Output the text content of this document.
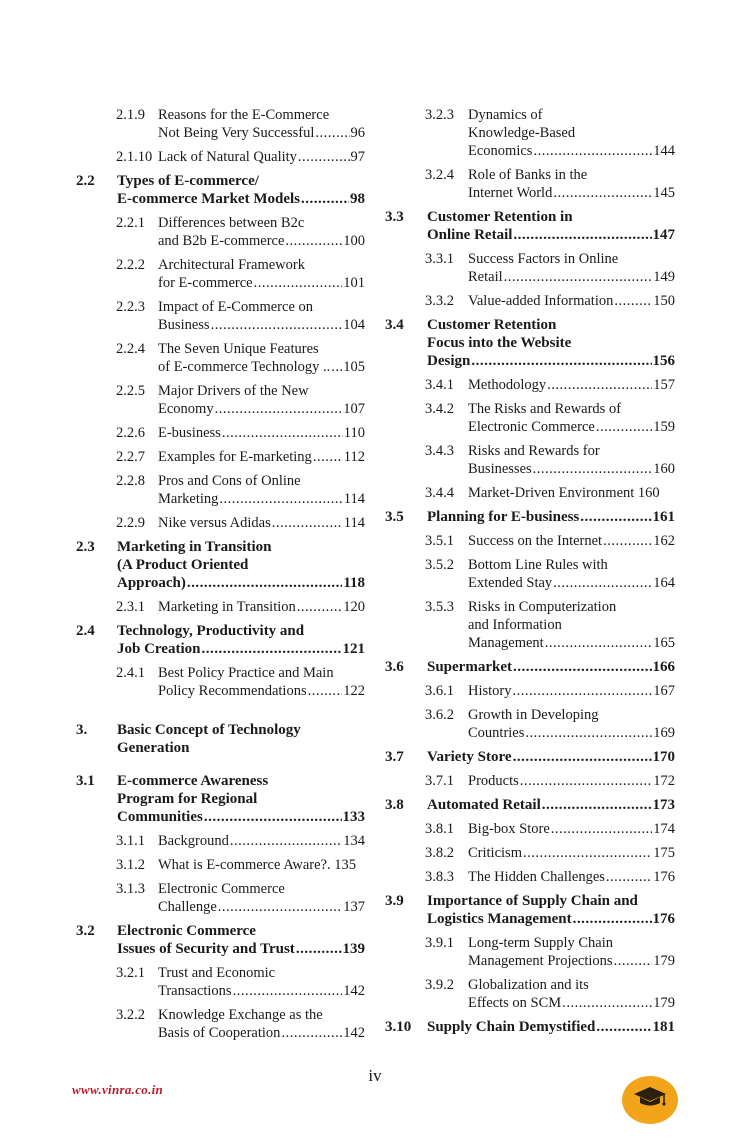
2.1.9 Reasons for the E-Commerce
Not Being Very Successful ..... 96
2.1.10 Lack of Natural Quality .....	97
2.2 Types of E-commerce/
E-commerce Market Models .....	98
2.2.1 Differences between B2c
and B2b E-commerce .....	100
2.2.2 Architectural Framework
for E-commerce .....	101
2.2.3 Impact of E-Commerce on
Business .....	104
2.2.4 The Seven Unique Features
of E-commerce Technology .. ..... 105
2.2.5 Major Drivers of the New
Economy .....	107
2.2.6 E-business .....	110
2.2.7 Examples for E-marketing ..... 112
2.2.8 Pros and Cons of Online
Marketing .....	114
2.2.9 Nike versus Adidas .....	114
2.3 Marketing in Transition
(A Product Oriented
Approach) .....	118
2.3.1 Marketing in Transition .....	120
2.4 Technology, Productivity and
Job Creation .....	121
2.4.1 Best Policy Practice and Main
Policy Recommendations .....	122
3. Basic Concept of Technology
Generation
3.1 E-commerce Awareness
Program for Regional
Communities .....	133
3.1.1 Background .....	134
3.1.2 What is E-commerce Aware?. 135
3.1.3 Electronic Commerce
Challenge .....	137
3.2 Electronic Commerce
Issues of Security and Trust .....	139
3.2.1 Trust and Economic
Transactions .....	142
3.2.2 Knowledge Exchange as the
Basis of Cooperation .....	142
3.2.3 Dynamics of
Knowledge-Based
Economics .....	144
3.2.4 Role of Banks in the
Internet World .....	145
3.3 Customer Retention in
Online Retail .....	147
3.3.1 Success Factors in Online
Retail .....	149
3.3.2 Value-added Information .....	150
3.4 Customer Retention
Focus into the Website
Design .....	156
3.4.1 Methodology .....	157
3.4.2 The Risks and Rewards of
Electronic Commerce .....	159
3.4.3 Risks and Rewards for
Businesses .....	160
3.4.4 Market-Driven Environment 160
3.5 Planning for E-business .....	161
3.5.1 Success on the Internet .....	162
3.5.2 Bottom Line Rules with
Extended Stay .....	164
3.5.3 Risks in Computerization
and Information
Management .....	165
3.6 Supermarket .....	166
3.6.1 History .....	167
3.6.2 Growth in Developing
Countries .....	169
3.7 Variety Store .....	170
3.7.1 Products .....	172
3.8 Automated Retail .....	173
3.8.1 Big-box Store .....	174
3.8.2 Criticism .....	175
3.8.3 The Hidden Challenges .....	176
3.9 Importance of Supply Chain and
Logistics Management .....	176
3.9.1 Long-term Supply Chain
Management Projections .....	179
3.9.2 Globalization and its
Effects on SCM .....	179
3.10 Supply Chain Demystified .....	181
iv
www.vinra.co.in
